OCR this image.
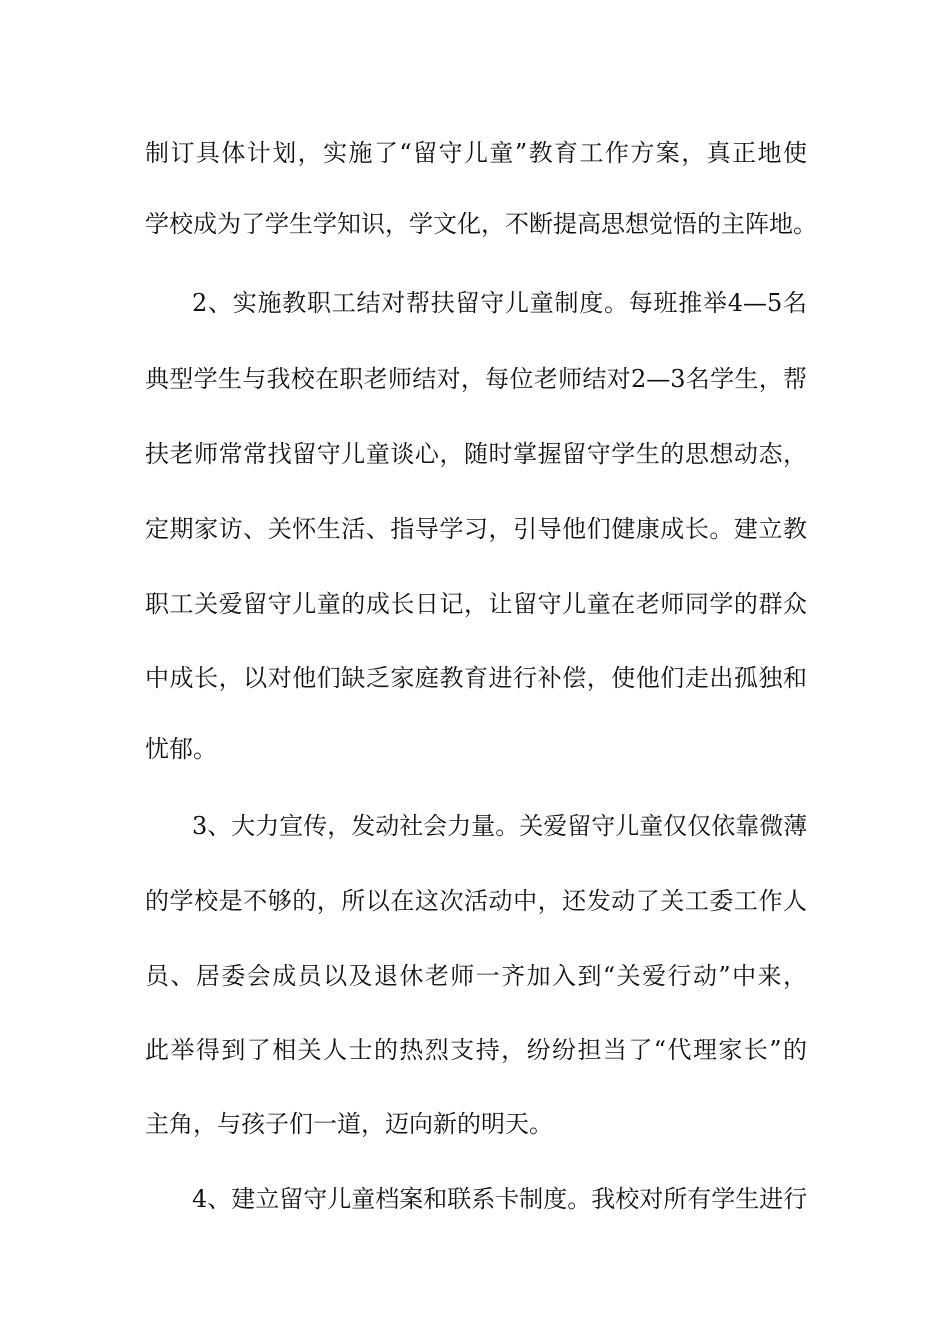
制订具体计划，实施了“留守儿童”教育工作方案，真正地使
学校成为了学生学知识，学文化，不断提高思想觉悟的主阵地。
2、实施教职工结对帮扶留守儿童制度。每班推举4—5名
典型学生与我校在职老师结对，每位老师结对2—3名学生，帮
扶老师常常找留守儿童谈心，随时掌握留守学生的思想动态，
定期家访、关怀生活、指导学习，引导他们健康成长。建立教
职工关爱留守儿童的成长日记，让留守儿童在老师同学的群众
中成长，以对他们缺乏家庭教育进行补偿，使他们走出孤独和
忧郁。
3、大力宣传，发动社会力量。关爱留守儿童仅仅依靠微薄
的学校是不够的，所以在这次活动中，还发动了关工委工作人
员、居委会成员以及退休老师一齐加入到“关爱行动”中来，
此举得到了相关人士的热烈支持，纷纷担当了“代理家长”的
主角，与孩子们一道，迈向新的明天。
4、建立留守儿童档案和联系卡制度。我校对所有学生进行
